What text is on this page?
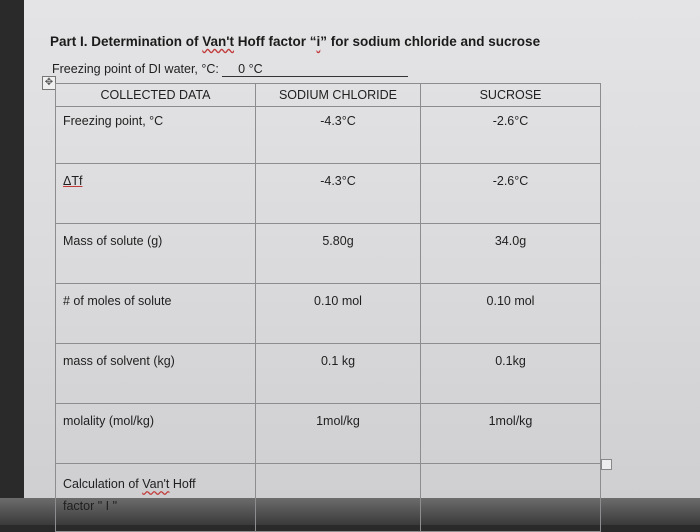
Part I. Determination of Van't Hoff factor “i” for sodium chloride and sucrose
Freezing point of DI water, °C: 0 °C
✥
COLLECTED DATA	SODIUM CHLORIDE	SUCROSE
Freezing point, °C	-4.3°C	-2.6°C
ΔTf	-4.3°C	-2.6°C
Mass of solute (g)	5.80g	34.0g
# of moles of solute	0.10 mol	0.10 mol
mass of solvent (kg)	0.1 kg	0.1kg
molality (mol/kg)	1mol/kg	1mol/kg
Calculation of Van't Hoff
factor " I "		
